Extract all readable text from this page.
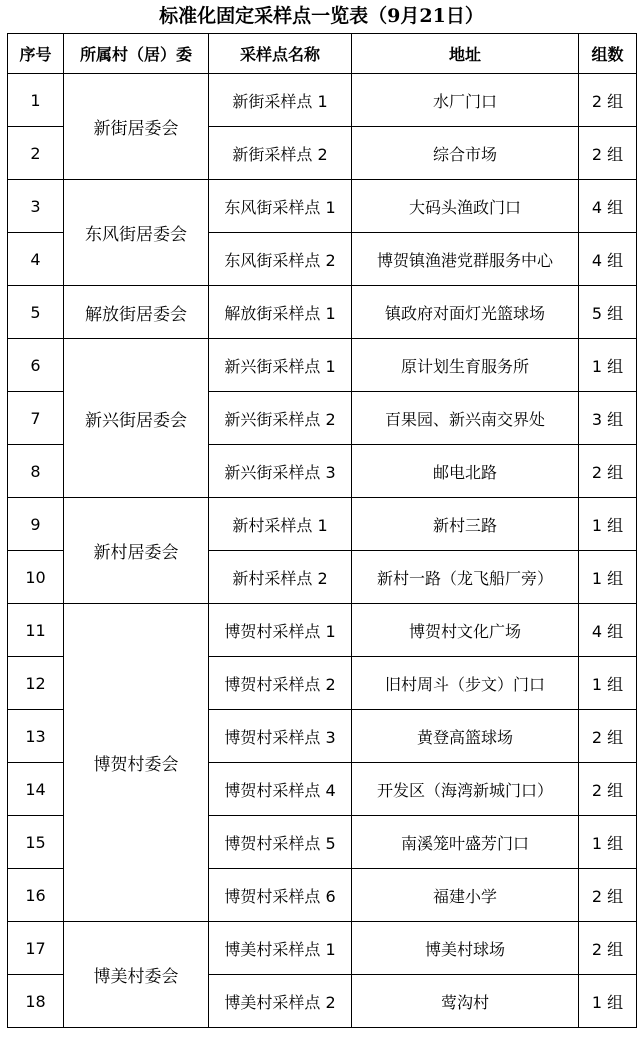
标准化固定采样点一览表（9月21日）
序号	所属村（居）委	采样点名称	地址	组数
1	新街居委会	新街采样点 1	水厂门口	2 组
2		新街采样点 2	综合市场	2 组
3	东风街居委会	东风街采样点 1	大码头渔政门口	4 组
4		东风街采样点 2	博贺镇渔港党群服务中心	4 组
5	解放街居委会	解放街采样点 1	镇政府对面灯光篮球场	5 组
6	新兴街居委会	新兴街采样点 1	原计划生育服务所	1 组
7		新兴街采样点 2	百果园、新兴南交界处	3 组
8		新兴街采样点 3	邮电北路	2 组
9	新村居委会	新村采样点 1	新村三路	1 组
10		新村采样点 2	新村一路（龙飞船厂旁）	1 组
11	博贺村委会	博贺村采样点 1	博贺村文化广场	4 组
12		博贺村采样点 2	旧村周斗（步文）门口	1 组
13		博贺村采样点 3	黄登高篮球场	2 组
14		博贺村采样点 4	开发区（海湾新城门口）	2 组
15		博贺村采样点 5	南溪笼叶盛芳门口	1 组
16		博贺村采样点 6	福建小学	2 组
17	博美村委会	博美村采样点 1	博美村球场	2 组
18		博美村采样点 2	莺沟村	1 组
